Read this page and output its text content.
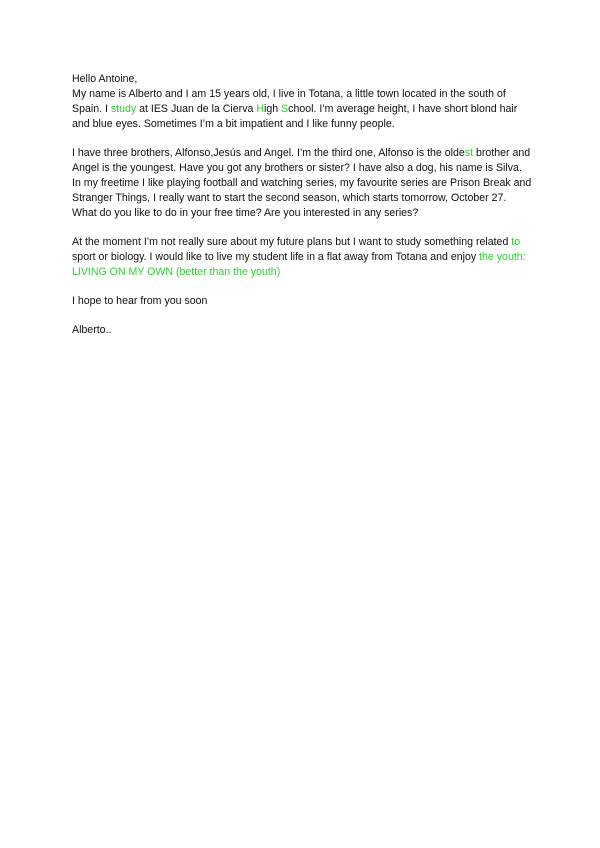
Hello Antoine,
My name is Alberto and I am 15 years old, I live in Totana, a little town located in the south of Spain. I study at IES Juan de la Cierva High School. I’m average height, I have short blond hair and blue eyes. Sometimes I’m a bit impatient and I like funny people.

I have three brothers, Alfonso,Jesús and Angel. I’m the third one, Alfonso is the oldest brother and Angel is the youngest. Have you got any brothers or sister? I have also a dog, his name is Silva. In my freetime I like playing football and watching series, my favourite series are Prison Break and Stranger Things, I really want to start the second season, which starts tomorrow, October 27. What do you like to do in your free time? Are you interested in any series?

At the moment I’m not really sure about my future plans but I want to study something related to sport or biology. I would like to live my student life in a flat away from Totana and enjoy the youth: LIVING ON MY OWN (better than the youth)

I hope to hear from you soon

Alberto..
